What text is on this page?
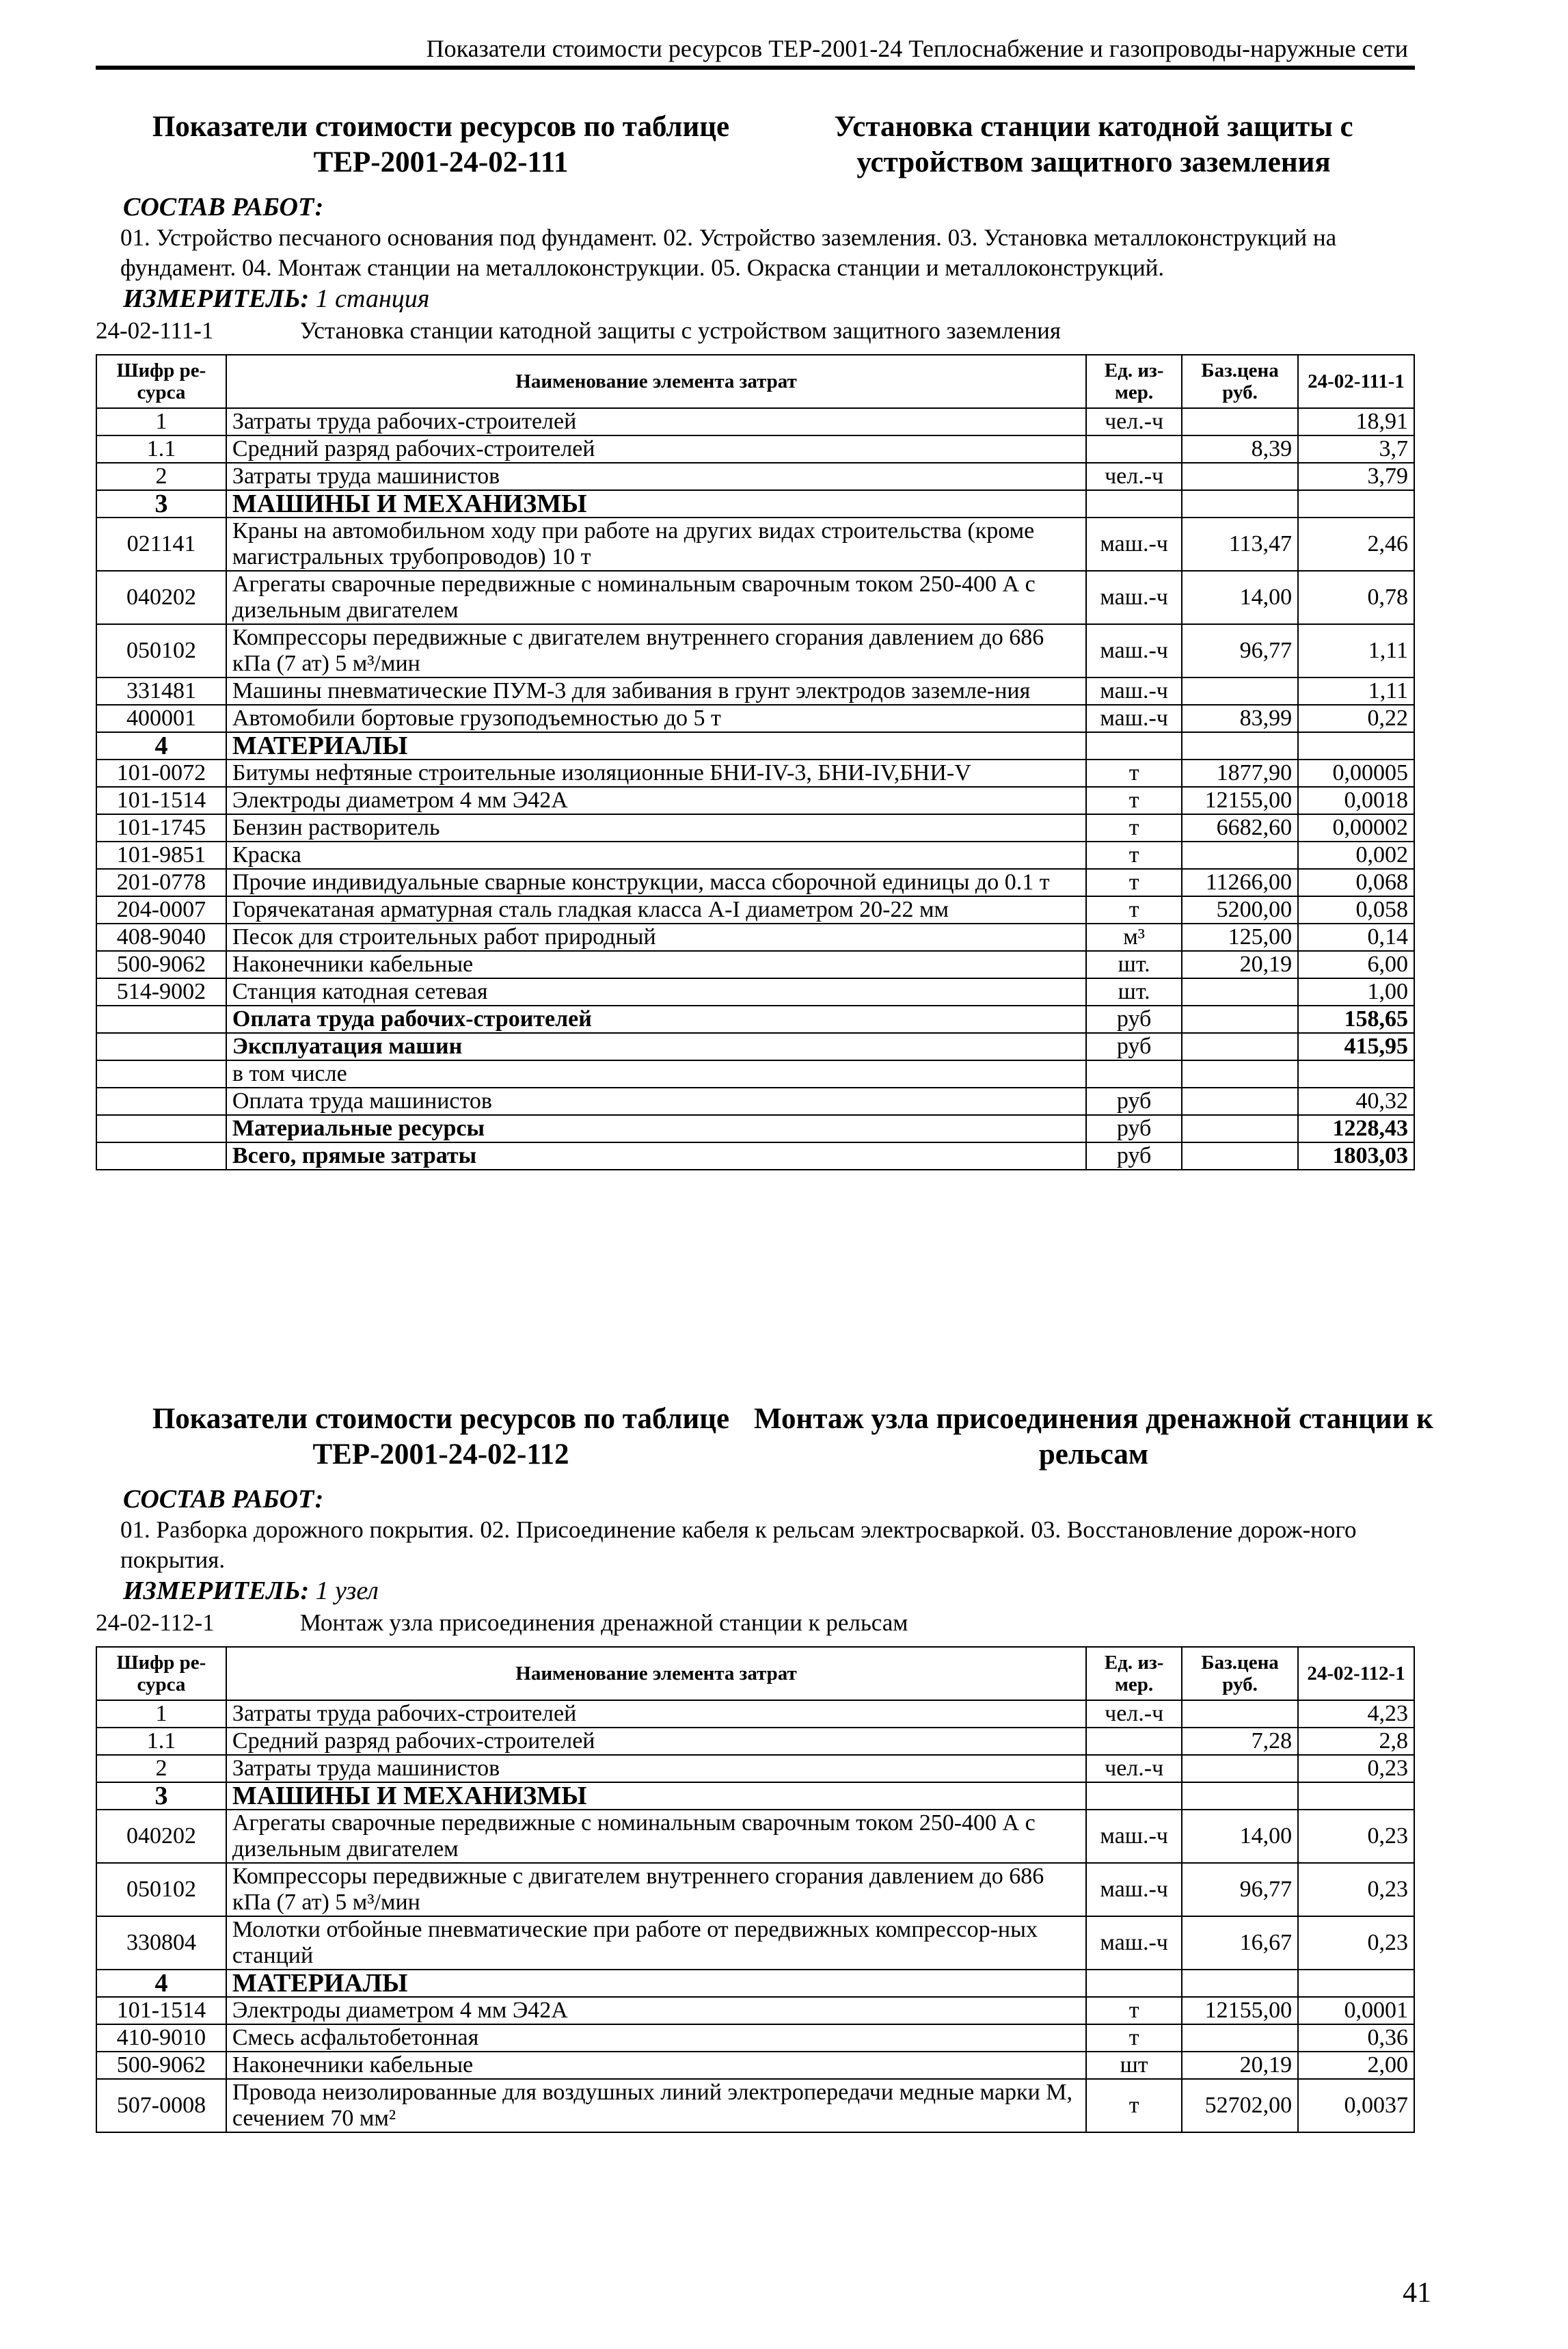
Показатели стоимости ресурсов ТЕР-2001-24 Теплоснабжение и газопроводы-наружные сети
Показатели стоимости ресурсов по таблице ТЕР-2001-24-02-111
Установка станции катодной защиты с устройством защитного заземления
СОСТАВ РАБОТ:
01. Устройство песчаного основания под фундамент. 02. Устройство заземления. 03. Установка металлоконструкций на фундамент. 04. Монтаж станции на металлоконструкции. 05. Окраска станции и металлоконструкций.
ИЗМЕРИТЕЛЬ: 1 станция
24-02-111-1	Установка станции катодной защиты с устройством защитного заземления
Шифр ре-сурса	Наименование элемента затрат	Ед. из-мер.	Баз.цена руб.	24-02-111-1
1	Затраты труда рабочих-строителей	чел.-ч		18,91
1.1	Средний разряд рабочих-строителей		8,39	3,7
2	Затраты труда машинистов	чел.-ч		3,79
3	МАШИНЫ И МЕХАНИЗМЫ			
021141	Краны на автомобильном ходу при работе на других видах строительства (кроме магистральных трубопроводов) 10 т	маш.-ч	113,47	2,46
040202	Агрегаты сварочные передвижные с номинальным сварочным током 250-400 А с дизельным двигателем	маш.-ч	14,00	0,78
050102	Компрессоры передвижные с двигателем внутреннего сгорания давлением до 686 кПа (7 ат) 5 м³/мин	маш.-ч	96,77	1,11
331481	Машины пневматические ПУМ-3 для забивания в грунт электродов заземле-ния	маш.-ч		1,11
400001	Автомобили бортовые грузоподъемностью до 5 т	маш.-ч	83,99	0,22
4	МАТЕРИАЛЫ			
101-0072	Битумы нефтяные строительные изоляционные БНИ-IV-3, БНИ-IV,БНИ-V	т	1877,90	0,00005
101-1514	Электроды диаметром 4 мм Э42А	т	12155,00	0,0018
101-1745	Бензин растворитель	т	6682,60	0,00002
101-9851	Краска	т		0,002
201-0778	Прочие индивидуальные сварные конструкции, масса сборочной единицы до 0.1 т	т	11266,00	0,068
204-0007	Горячекатаная арматурная сталь гладкая класса А-I диаметром 20-22 мм	т	5200,00	0,058
408-9040	Песок для строительных работ природный	м³	125,00	0,14
500-9062	Наконечники кабельные	шт.	20,19	6,00
514-9002	Станция катодная сетевая	шт.		1,00
	Оплата труда рабочих-строителей	руб		158,65
	Эксплуатация машин	руб		415,95
	в том числе			
	Оплата труда машинистов	руб		40,32
	Материальные ресурсы	руб		1228,43
	Всего, прямые затраты	руб		1803,03
Показатели стоимости ресурсов по таблице ТЕР-2001-24-02-112
Монтаж узла присоединения дренажной станции к рельсам
СОСТАВ РАБОТ:
01. Разборка дорожного покрытия. 02. Присоединение кабеля к рельсам электросваркой. 03. Восстановление дорож-ного покрытия.
ИЗМЕРИТЕЛЬ: 1 узел
24-02-112-1	Монтаж узла присоединения дренажной станции к рельсам
Шифр ре-сурса	Наименование элемента затрат	Ед. из-мер.	Баз.цена руб.	24-02-112-1
1	Затраты труда рабочих-строителей	чел.-ч		4,23
1.1	Средний разряд рабочих-строителей		7,28	2,8
2	Затраты труда машинистов	чел.-ч		0,23
3	МАШИНЫ И МЕХАНИЗМЫ			
040202	Агрегаты сварочные передвижные с номинальным сварочным током 250-400 А с дизельным двигателем	маш.-ч	14,00	0,23
050102	Компрессоры передвижные с двигателем внутреннего сгорания давлением до 686 кПа (7 ат) 5 м³/мин	маш.-ч	96,77	0,23
330804	Молотки отбойные пневматические при работе от передвижных компрессор-ных станций	маш.-ч	16,67	0,23
4	МАТЕРИАЛЫ			
101-1514	Электроды диаметром 4 мм Э42А	т	12155,00	0,0001
410-9010	Смесь асфальтобетонная	т		0,36
500-9062	Наконечники кабельные	шт	20,19	2,00
507-0008	Провода неизолированные для воздушных линий электропередачи медные марки М, сечением 70 мм²	т	52702,00	0,0037
41
